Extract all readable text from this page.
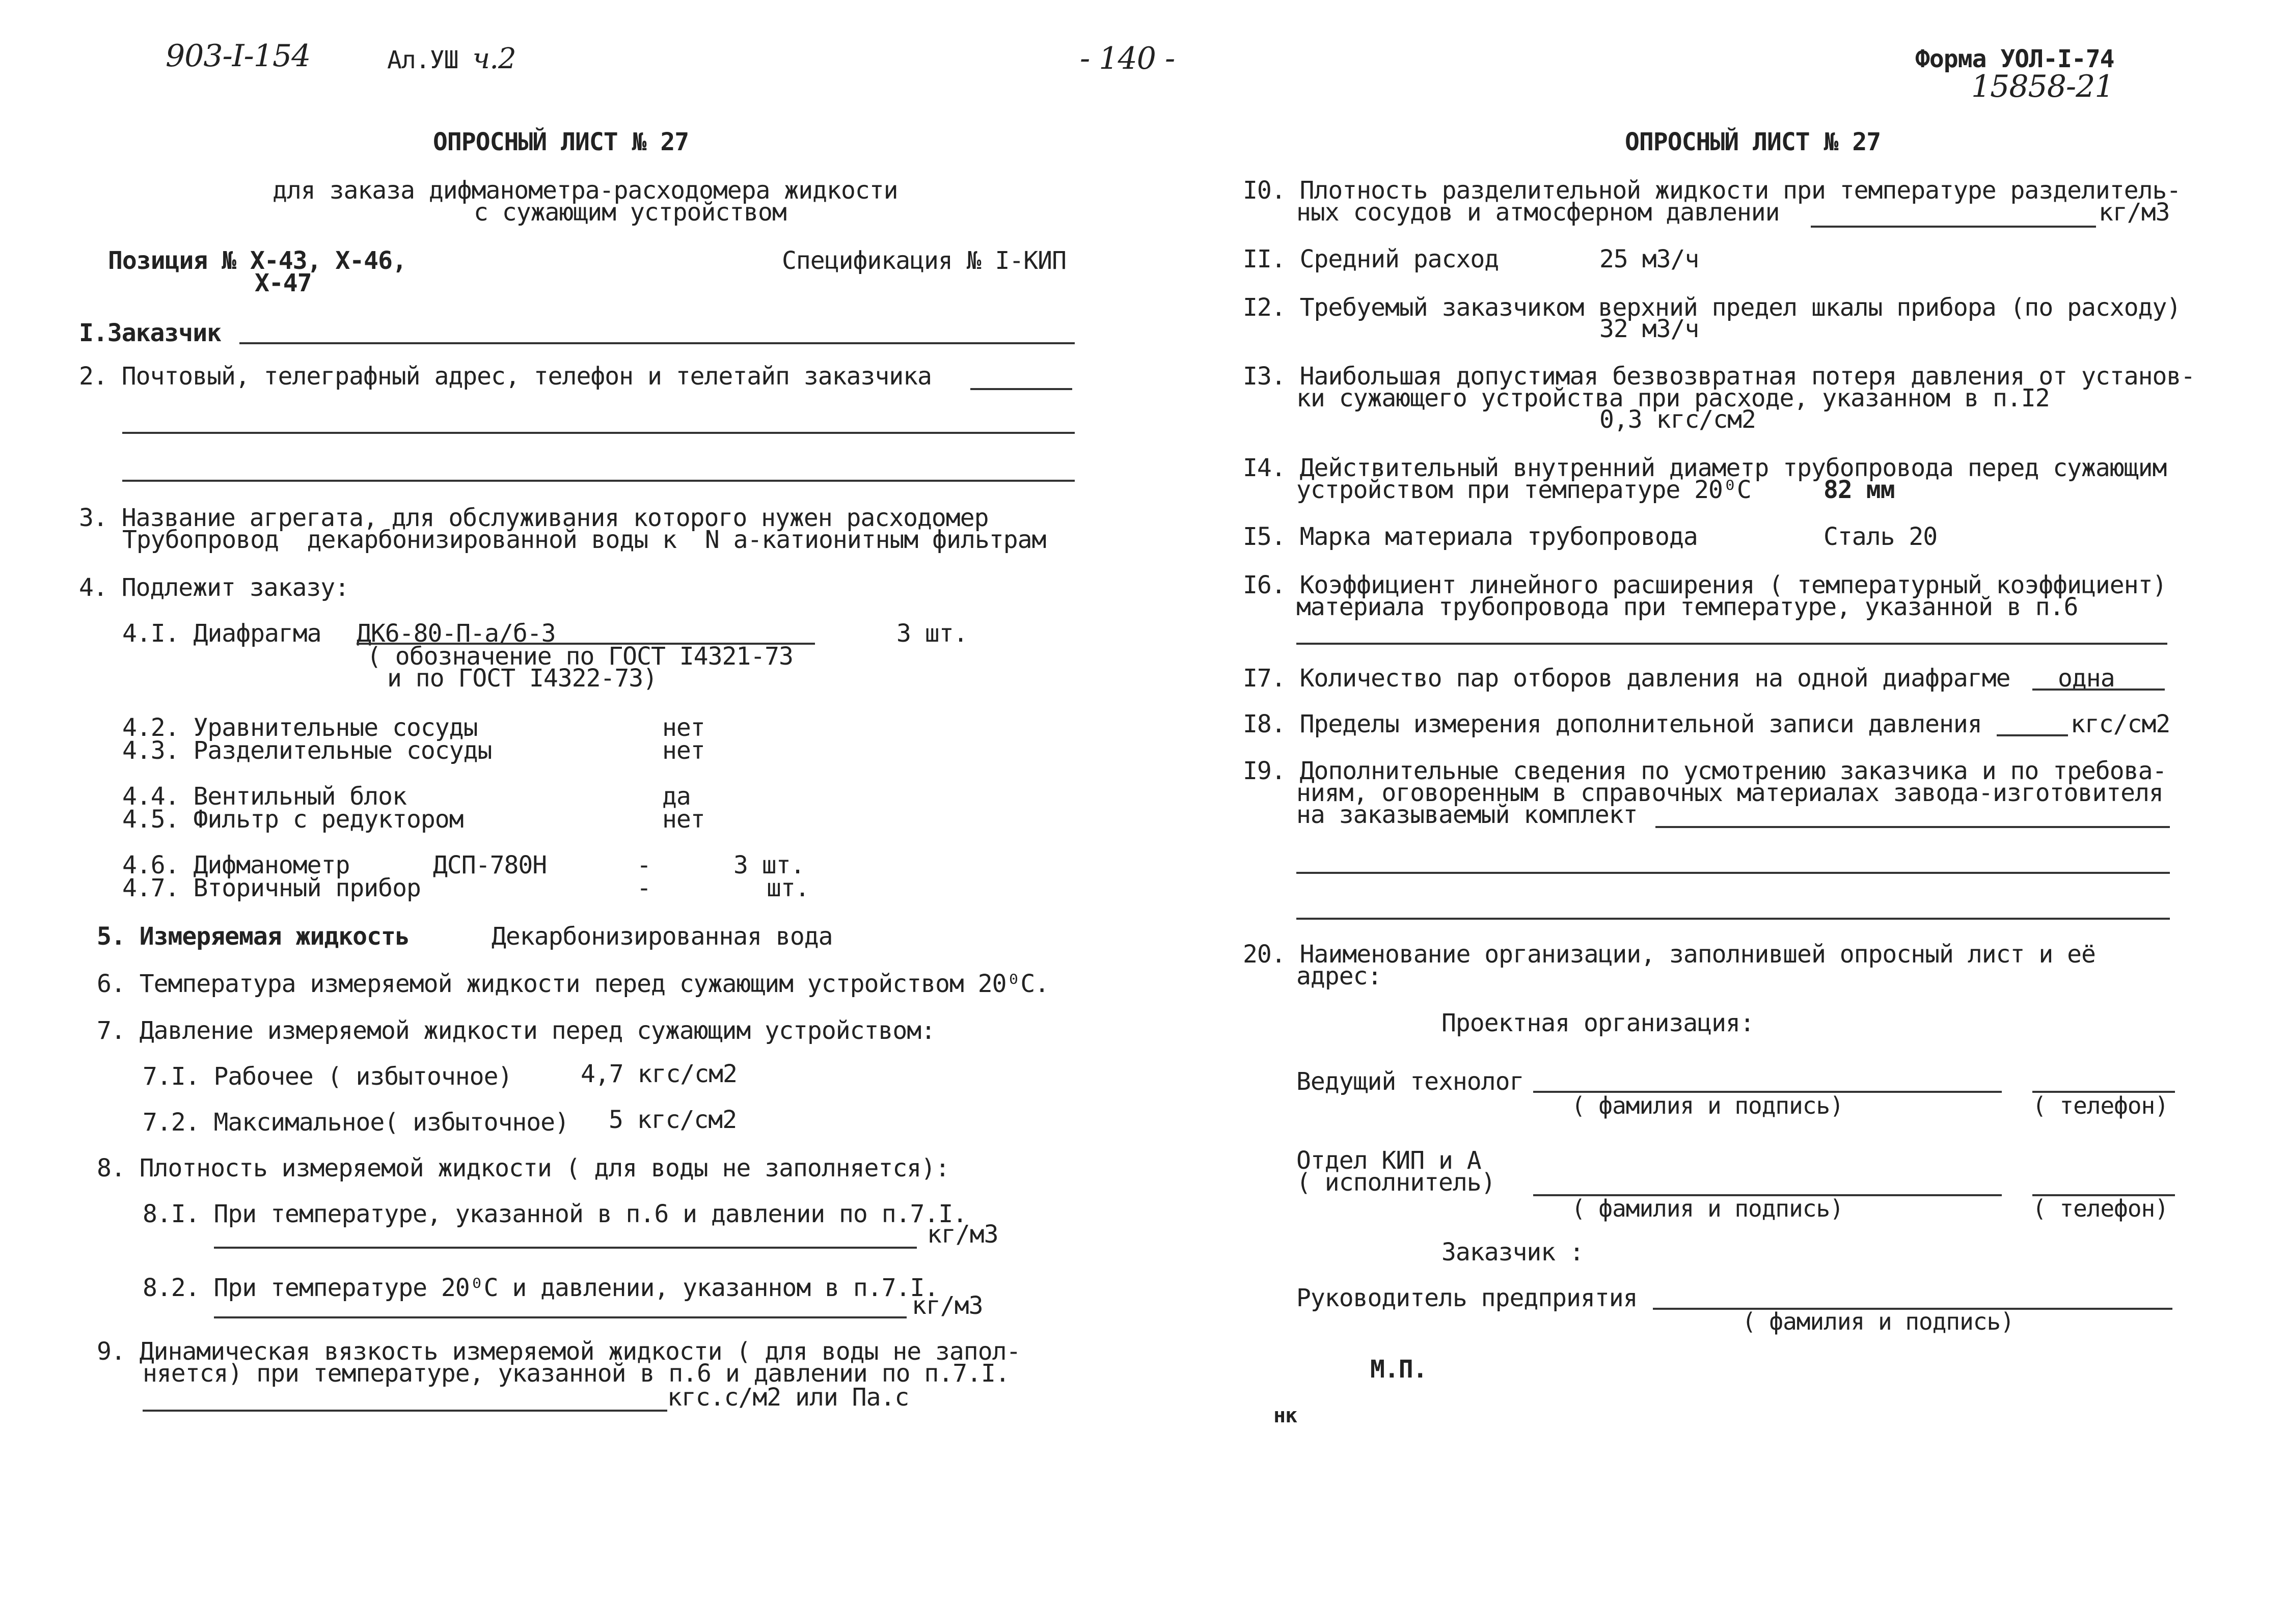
903-I-154	Ал.УШ ч.2	- 140 -	Форма УОЛ-I-74
15858-21
ОПРОСНЫЙ ЛИСТ № 27
для заказа дифманометра-расходомера жидкости
с сужающим устройством
Позиция № Х-43, Х-46,
Х-47
Спецификация № I-КИП
I.Заказчик
2. Почтовый, телеграфный адрес, телефон и телетайп заказчика
3. Название агрегата, для обслуживания которого нужен расходомер
Трубопровод  декарбонизированной воды к  N а-катионитным фильтрам
4. Подлежит заказу:
4.I. Диафрагма ДК6-80-П-а/б-3	3 шт.
( обозначение по ГОСТ I4321-73
и по ГОСТ I4322-73)
4.2. Уравнительные сосуды	нет
4.3. Разделительные сосуды	нет
4.4. Вентильный блок	да
4.5. Фильтр с редуктором	нет
4.6. Дифманометр	ДСП-780Н	-	3 шт.
4.7. Вторичный прибор	-	шт.
5. Измеряемая жидкость	Декарбонизированная вода
6. Температура измеряемой жидкости перед сужающим устройством 20⁰С.
7. Давление измеряемой жидкости перед сужающим устройством:
7.I. Рабочее ( избыточное)	4,7 кгс/см2
7.2. Максимальное( избыточное) 5 кгс/см2
8. Плотность измеряемой жидкости ( для воды не заполняется):
8.I. При температуре, указанной в п.6 и давлении по п.7.I.
кг/м3
8.2. При температуре 20⁰С и давлении, указанном в п.7.I.
кг/м3
9. Динамическая вязкость измеряемой жидкости ( для воды не запол-
няется) при температуре, указанной в п.6 и давлении по п.7.I.
кгс.с/м2 или Па.с
ОПРОСНЫЙ ЛИСТ № 27
I0. Плотность разделительной жидкости при температуре разделитель-
ных сосудов и атмосферном давлении	кг/м3
II. Средний расход	25 м3/ч
I2. Требуемый заказчиком верхний предел шкалы прибора (по расходу)
32 м3/ч
I3. Наибольшая допустимая безвозвратная потеря давления от установ-
ки сужающего устройства при расходе, указанном в п.I2
0,3 кгс/см2
I4. Действительный внутренний диаметр трубопровода перед сужающим
устройством при температуре 20⁰С	82 мм
I5. Марка материала трубопровода	Сталь 20
I6. Коэффициент линейного расширения ( температурный коэффициент)
материала трубопровода при температуре, указанной в п.6
I7. Количество пар отборов давления на одной диафрагме одна
I8. Пределы измерения дополнительной записи давления	кгс/см2
I9. Дополнительные сведения по усмотрению заказчика и по требова-
ниям, оговоренным в справочных материалах завода-изготовителя
на заказываемый комплект
20. Наименование организации, заполнившей опросный лист и её
адрес:
Проектная организация:
Ведущий технолог
( фамилия и подпись)	( телефон)
Отдел КИП и А
( исполнитель)
( фамилия и подпись)	( телефон)
Заказчик :
Руководитель предприятия
( фамилия и подпись)
М.П.
нк
